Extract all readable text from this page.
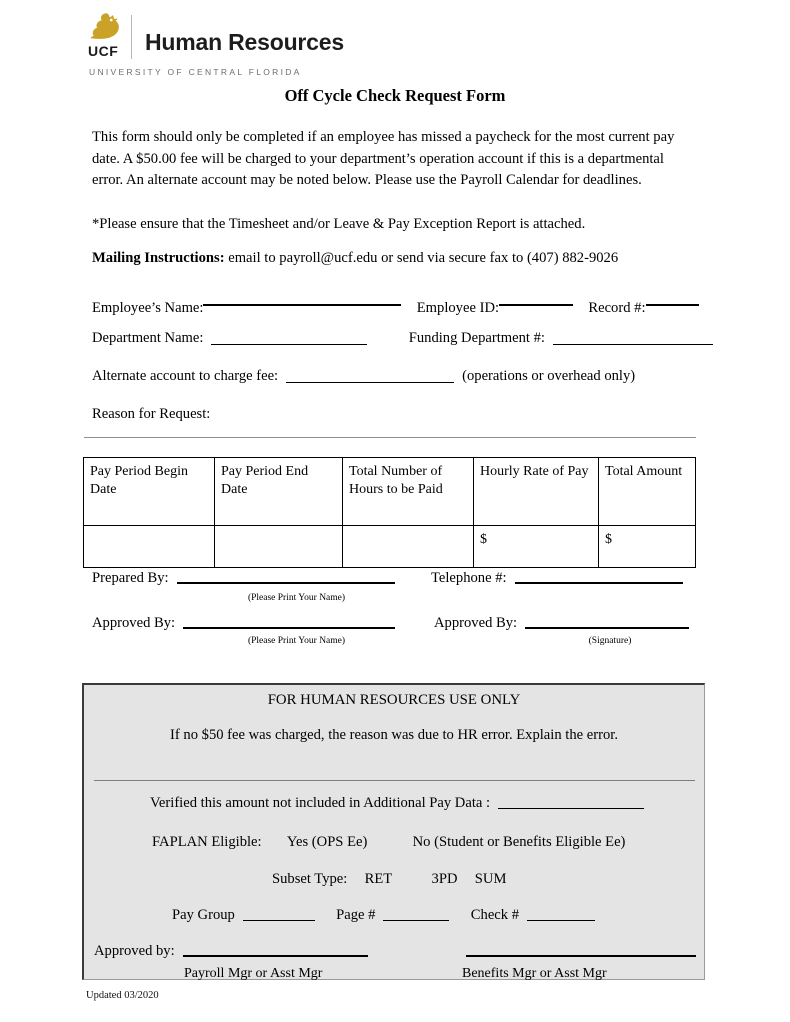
UCF Human Resources
UNIVERSITY OF CENTRAL FLORIDA
Off Cycle Check Request Form
This form should only be completed if an employee has missed a paycheck for the most current pay date. A $50.00 fee will be charged to your department’s operation account if this is a departmental error. An alternate account may be noted below. Please use the Payroll Calendar for deadlines.
*Please ensure that the Timesheet and/or Leave & Pay Exception Report is attached.
Mailing Instructions: email to payroll@ucf.edu or send via secure fax to (407) 882-9026
Employee’s Name:	Employee ID:	Record #:
Department Name:	Funding Department #:
Alternate account to charge fee:	(operations or overhead only)
Reason for Request:
Pay Period Begin Date	Pay Period End Date	Total Number of Hours to be Paid	Hourly Rate of Pay	Total Amount
			$	$
Prepared By:
(Please Print Your Name)
Telephone #:
Approved By:
(Please Print Your Name)
Approved By:
(Signature)
FOR HUMAN RESOURCES USE ONLY
If no $50 fee was charged, the reason was due to HR error. Explain the error.
Verified this amount not included in Additional Pay Data :
FAPLAN Eligible: Yes (OPS Ee)	No (Student or Benefits Eligible Ee)
Subset Type: RET	3PD SUM
Pay Group	Page #	Check #
Approved by:
Payroll Mgr or Asst Mgr	Benefits Mgr or Asst Mgr
Updated 03/2020
